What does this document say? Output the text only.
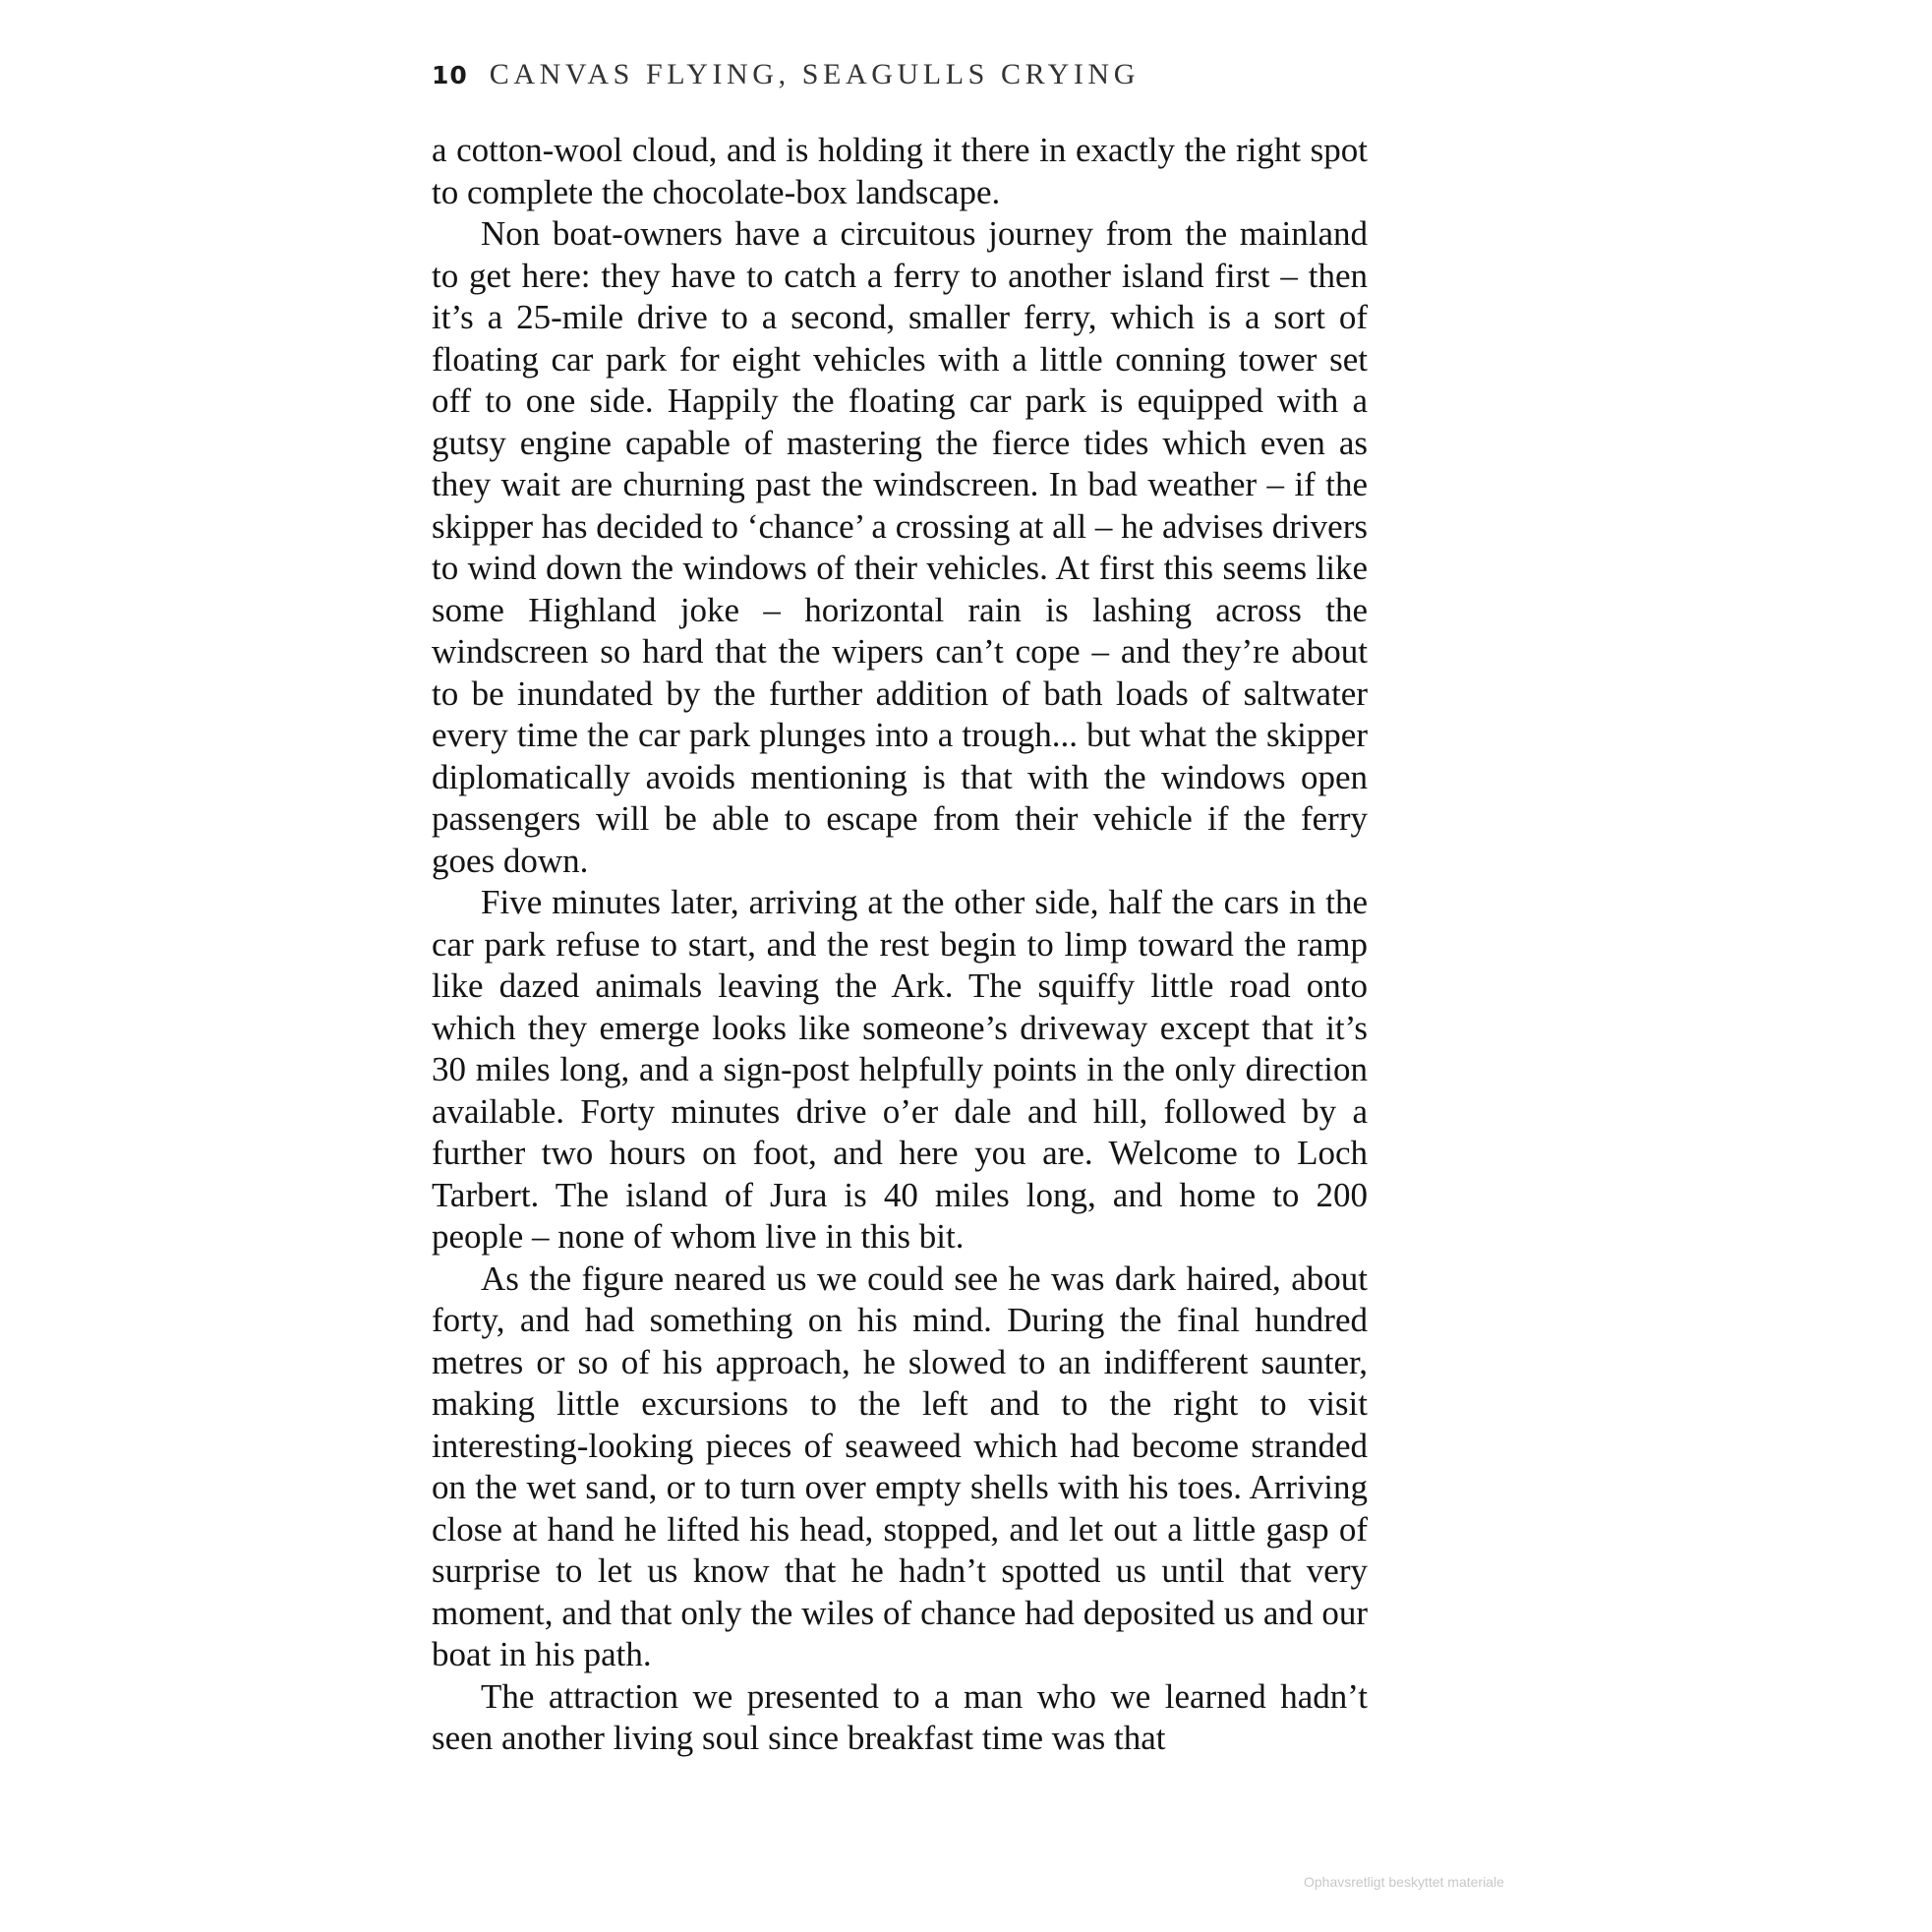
10 CANVAS FLYING, SEAGULLS CRYING

a cotton-wool cloud, and is holding it there in exactly the right spot to complete the chocolate-box landscape.

Non boat-owners have a circuitous journey from the mainland to get here: they have to catch a ferry to another island first – then it’s a 25-mile drive to a second, smaller ferry, which is a sort of floating car park for eight vehicles with a little conning tower set off to one side. Happily the floating car park is equipped with a gutsy engine capable of mastering the fierce tides which even as they wait are churning past the windscreen. In bad weather – if the skipper has decided to ‘chance’ a crossing at all – he advises drivers to wind down the windows of their vehicles. At first this seems like some Highland joke – horizontal rain is lashing across the windscreen so hard that the wipers can’t cope – and they’re about to be inundated by the further addition of bath loads of saltwater every time the car park plunges into a trough... but what the skipper diplomatically avoids mentioning is that with the windows open passengers will be able to escape from their vehicle if the ferry goes down.

Five minutes later, arriving at the other side, half the cars in the car park refuse to start, and the rest begin to limp toward the ramp like dazed animals leaving the Ark. The squiffy little road onto which they emerge looks like someone’s driveway except that it’s 30 miles long, and a sign-post helpfully points in the only direction available. Forty minutes drive o’er dale and hill, followed by a further two hours on foot, and here you are. Welcome to Loch Tarbert. The island of Jura is 40 miles long, and home to 200 people – none of whom live in this bit.

As the figure neared us we could see he was dark haired, about forty, and had something on his mind. During the final hundred metres or so of his approach, he slowed to an indifferent saunter, making little excursions to the left and to the right to visit interesting-looking pieces of seaweed which had become stranded on the wet sand, or to turn over empty shells with his toes. Arriving close at hand he lifted his head, stopped, and let out a little gasp of surprise to let us know that he hadn’t spotted us until that very moment, and that only the wiles of chance had deposited us and our boat in his path.

The attraction we presented to a man who we learned hadn’t seen another living soul since breakfast time was that

Ophavsretligt beskyttet materiale
